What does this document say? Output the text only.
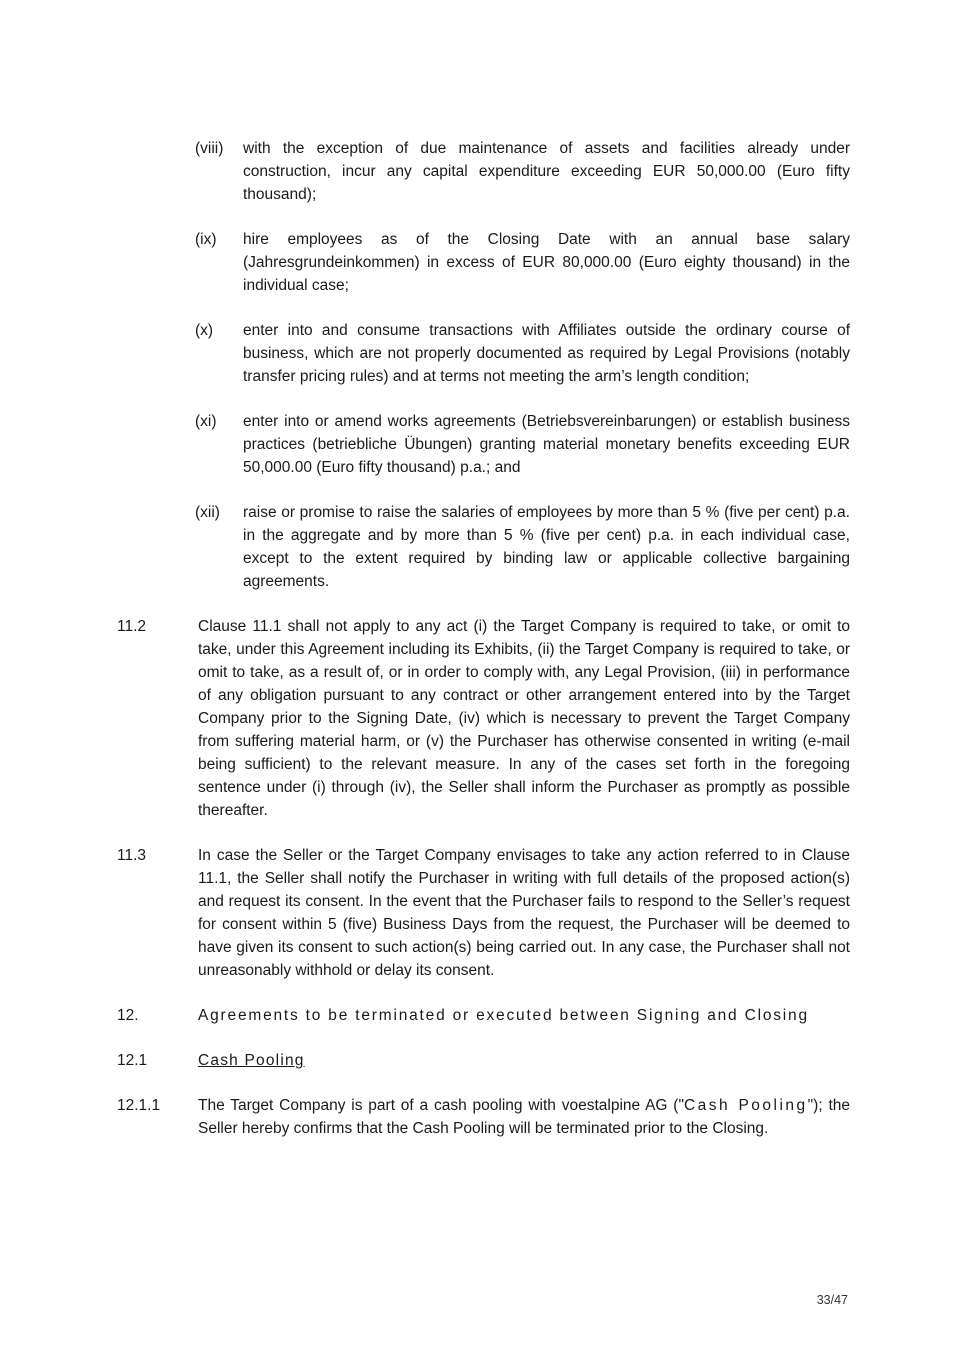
(viii)	with the exception of due maintenance of assets and facilities already under construction, incur any capital expenditure exceeding EUR 50,000.00 (Euro fifty thousand);

(ix)	hire employees as of the Closing Date with an annual base salary (Jahresgrundeinkommen) in excess of EUR 80,000.00 (Euro eighty thousand) in the individual case;

(x)	enter into and consume transactions with Affiliates outside the ordinary course of business, which are not properly documented as required by Legal Provisions (notably transfer pricing rules) and at terms not meeting the arm’s length condition;

(xi)	enter into or amend works agreements (Betriebsvereinbarungen) or establish business practices (betriebliche Übungen) granting material monetary benefits exceeding EUR 50,000.00 (Euro fifty thousand) p.a.; and

(xii)	raise or promise to raise the salaries of employees by more than 5 % (five per cent) p.a. in the aggregate and by more than 5 % (five per cent) p.a. in each individual case, except to the extent required by binding law or applicable collective bargaining agreements.

11.2	Clause 11.1 shall not apply to any act (i) the Target Company is required to take, or omit to take, under this Agreement including its Exhibits, (ii) the Target Company is required to take, or omit to take, as a result of, or in order to comply with, any Legal Provision, (iii) in performance of any obligation pursuant to any contract or other arrangement entered into by the Target Company prior to the Signing Date, (iv) which is necessary to prevent the Target Company from suffering material harm, or (v) the Purchaser has otherwise consented in writing (e-mail being sufficient) to the relevant measure. In any of the cases set forth in the foregoing sentence under (i) through (iv), the Seller shall inform the Purchaser as promptly as possible thereafter.

11.3	In case the Seller or the Target Company envisages to take any action referred to in Clause 11.1, the Seller shall notify the Purchaser in writing with full details of the proposed action(s) and request its consent. In the event that the Purchaser fails to respond to the Seller’s request for consent within 5 (five) Business Days from the request, the Purchaser will be deemed to have given its consent to such action(s) being carried out. In any case, the Purchaser shall not unreasonably withhold or delay its consent.

12.	Agreements to be terminated or executed between Signing and Closing

12.1	Cash Pooling

12.1.1	The Target Company is part of a cash pooling with voestalpine AG ("Cash Pooling"); the Seller hereby confirms that the Cash Pooling will be terminated prior to the Closing.

33/47
